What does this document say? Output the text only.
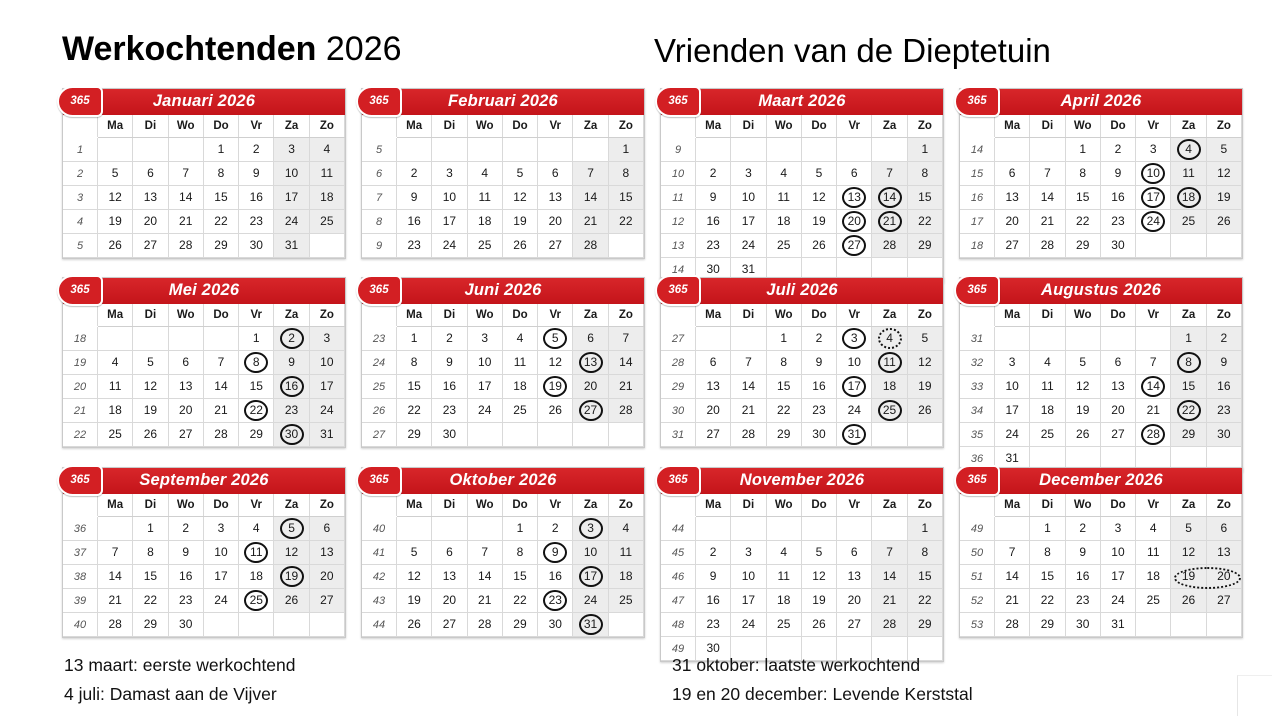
Werkochtenden 2026	Vrienden van de Dieptetuin
365	Januari 2026
	Ma	Di	Wo	Do	Vr	Za	Zo
1				1	2	3	4

2	5	6	7	8	9	10	11

3	12	13	14	15	16	17	18

4	19	20	21	22	23	24	25

5	26	27	28	29	30	31	

365	Februari 2026
	Ma	Di	Wo	Do	Vr	Za	Zo
5							1

6	2	3	4	5	6	7	8

7	9	10	11	12	13	14	15

8	16	17	18	19	20	21	22

9	23	24	25	26	27	28	

365	Maart 2026
	Ma	Di	Wo	Do	Vr	Za	Zo
9							1

10	2	3	4	5	6	7	8

11	9	10	11	12	13	14	15

12	16	17	18	19	20	21	22

13	23	24	25	26	27	28	29

14	30	31					

365	April 2026
	Ma	Di	Wo	Do	Vr	Za	Zo
14			1	2	3	4	5

15	6	7	8	9	10	11	12

16	13	14	15	16	17	18	19

17	20	21	22	23	24	25	26

18	27	28	29	30			

365	Mei 2026
	Ma	Di	Wo	Do	Vr	Za	Zo
18					1	2	3

19	4	5	6	7	8	9	10

20	11	12	13	14	15	16	17

21	18	19	20	21	22	23	24

22	25	26	27	28	29	30	31
365	Juni 2026
	Ma	Di	Wo	Do	Vr	Za	Zo
23	1	2	3	4	5	6	7

24	8	9	10	11	12	13	14

25	15	16	17	18	19	20	21

26	22	23	24	25	26	27	28

27	29	30					

365	Juli 2026
	Ma	Di	Wo	Do	Vr	Za	Zo
27			1	2	3	4	5

28	6	7	8	9	10	11	12

29	13	14	15	16	17	18	19

30	20	21	22	23	24	25	26

31	27	28	29	30	31		

365	Augustus 2026
	Ma	Di	Wo	Do	Vr	Za	Zo
31						1	2

32	3	4	5	6	7	8	9

33	10	11	12	13	14	15	16

34	17	18	19	20	21	22	23

35	24	25	26	27	28	29	30

36	31						

365	September 2026
	Ma	Di	Wo	Do	Vr	Za	Zo
36		1	2	3	4	5	6

37	7	8	9	10	11	12	13

38	14	15	16	17	18	19	20

39	21	22	23	24	25	26	27

40	28	29	30				

365	Oktober 2026
	Ma	Di	Wo	Do	Vr	Za	Zo
40				1	2	3	4

41	5	6	7	8	9	10	11

42	12	13	14	15	16	17	18

43	19	20	21	22	23	24	25

44	26	27	28	29	30	31	

365	November 2026
	Ma	Di	Wo	Do	Vr	Za	Zo
44							1

45	2	3	4	5	6	7	8

46	9	10	11	12	13	14	15

47	16	17	18	19	20	21	22

48	23	24	25	26	27	28	29

49	30						

365	December 2026
	Ma	Di	Wo	Do	Vr	Za	Zo
49		1	2	3	4	5	6

50	7	8	9	10	11	12	13

51	14	15	16	17	18	19	20

52	21	22	23	24	25	26	27

53	28	29	30	31			

13 maart: eerste werkochtend
4 juli: Damast aan de Vijver
31 oktober: laatste werkochtend
19 en 20 december: Levende Kerststal
